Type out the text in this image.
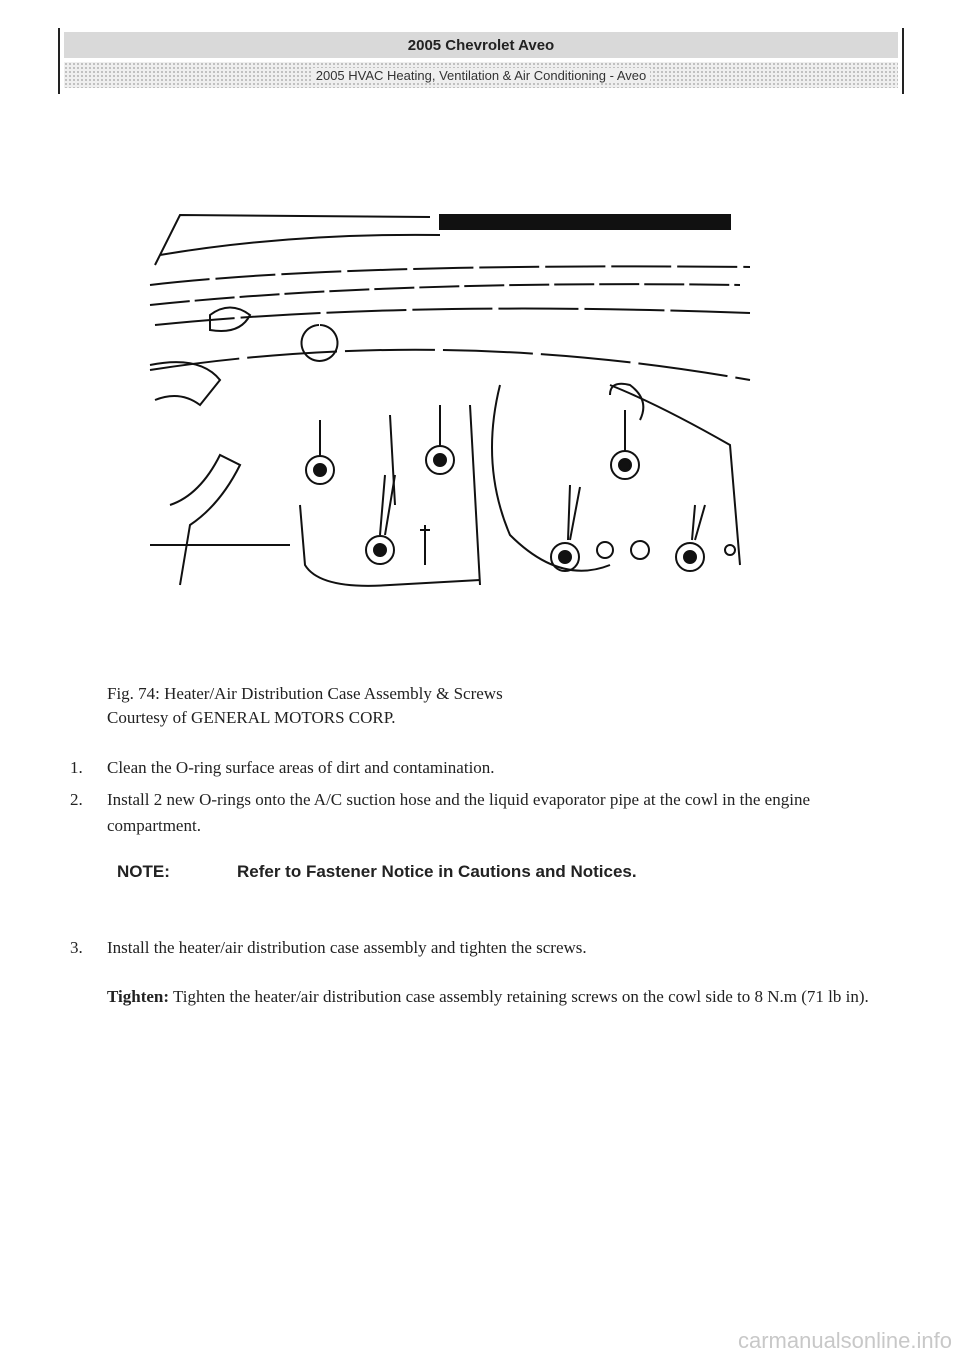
2005 Chevrolet Aveo
2005 HVAC Heating, Ventilation & Air Conditioning - Aveo
Fig. 74: Heater/Air Distribution Case Assembly & Screws
Courtesy of GENERAL MOTORS CORP.
1.	Clean the O-ring surface areas of dirt and contamination.
2.	Install 2 new O-rings onto the A/C suction hose and the liquid evaporator pipe at the cowl in the engine compartment.
3.	Install the heater/air distribution case assembly and tighten the screws.
NOTE:	Refer to Fastener Notice in Cautions and Notices.
Tighten: Tighten the heater/air distribution case assembly retaining screws on the cowl side to 8 N.m (71 lb in).
carmanualsonline.info
